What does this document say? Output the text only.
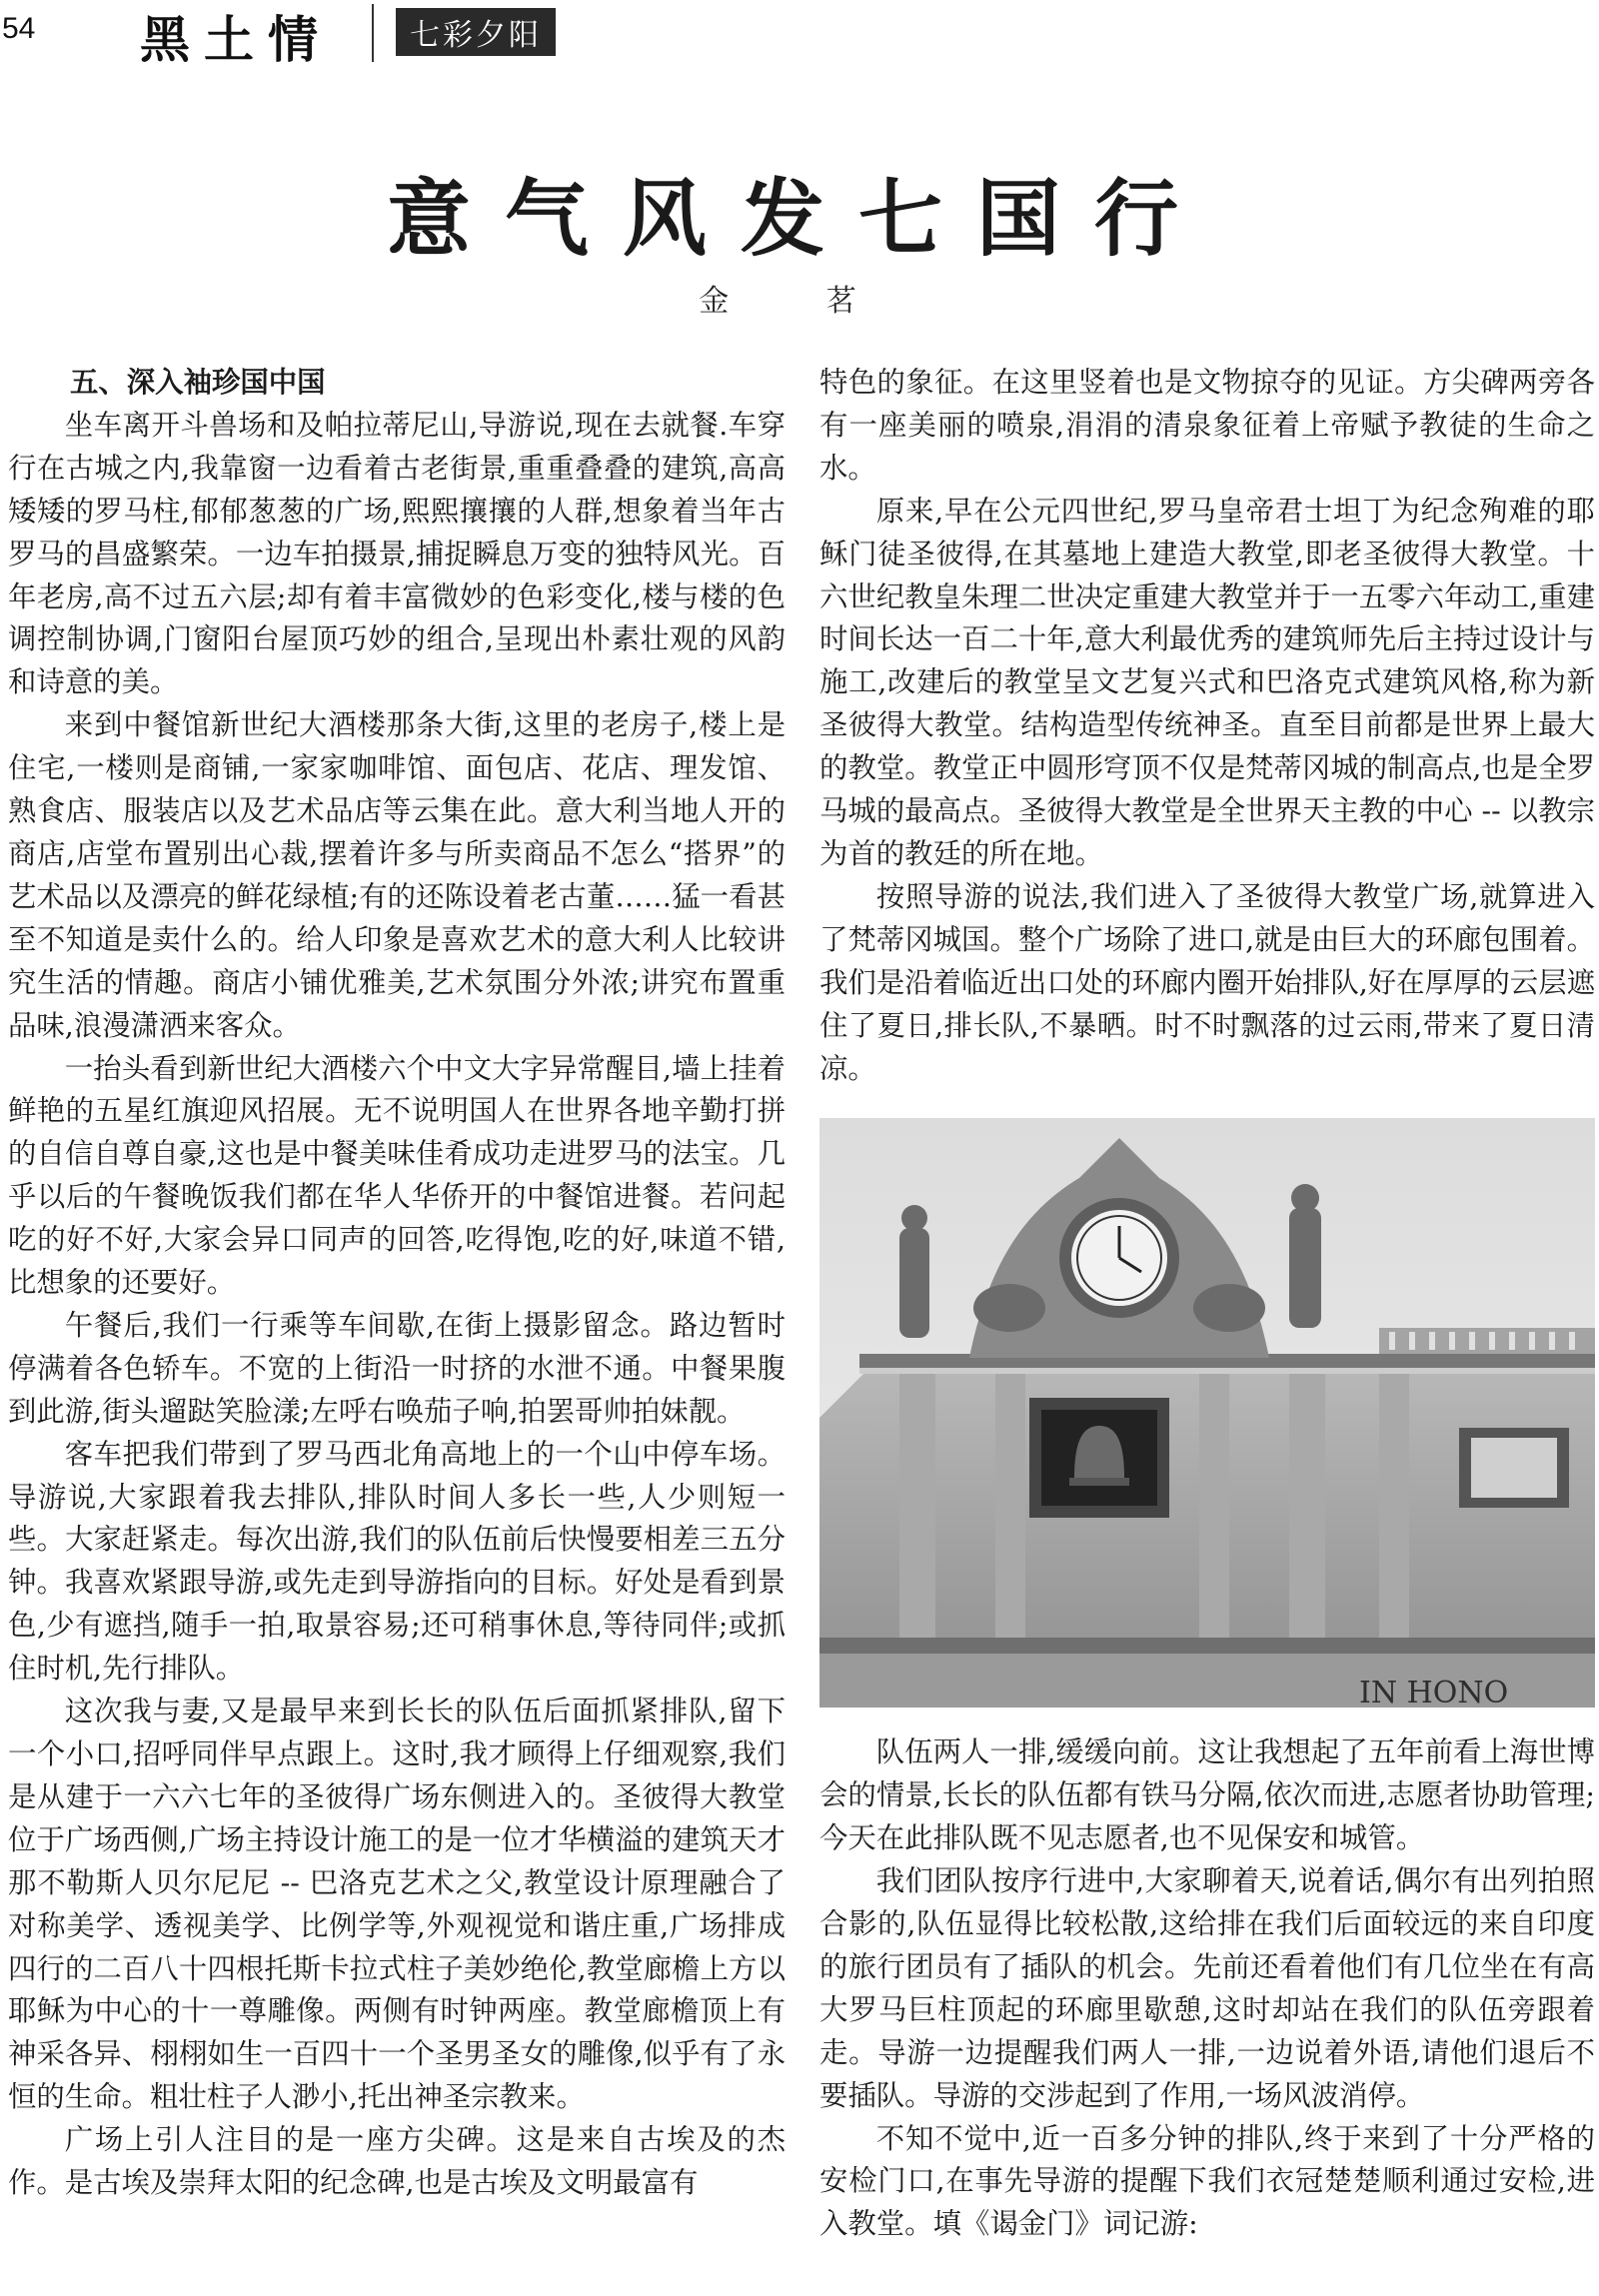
54 黑土情	七彩夕阳
意气风发七国行
金 茗
五、深入袖珍国中国

坐车离开斗兽场和及帕拉蒂尼山,导游说,现在去就餐.车穿行在古城之内,我靠窗一边看着古老街景,重重叠叠的建筑,高高矮矮的罗马柱,郁郁葱葱的广场,熙熙攘攘的人群,想象着当年古罗马的昌盛繁荣。一边车拍摄景,捕捉瞬息万变的独特风光。百年老房,高不过五六层;却有着丰富微妙的色彩变化,楼与楼的色调控制协调,门窗阳台屋顶巧妙的组合,呈现出朴素壮观的风韵和诗意的美。

来到中餐馆新世纪大酒楼那条大街,这里的老房子,楼上是住宅,一楼则是商铺,一家家咖啡馆、面包店、花店、理发馆、熟食店、服装店以及艺术品店等云集在此。意大利当地人开的商店,店堂布置别出心裁,摆着许多与所卖商品不怎么“搭界”的艺术品以及漂亮的鲜花绿植;有的还陈设着老古董……猛一看甚至不知道是卖什么的。给人印象是喜欢艺术的意大利人比较讲究生活的情趣。商店小铺优雅美,艺术氛围分外浓;讲究布置重品味,浪漫潇洒来客众。

一抬头看到新世纪大酒楼六个中文大字异常醒目,墙上挂着鲜艳的五星红旗迎风招展。无不说明国人在世界各地辛勤打拼的自信自尊自豪,这也是中餐美味佳肴成功走进罗马的法宝。几乎以后的午餐晚饭我们都在华人华侨开的中餐馆进餐。若问起吃的好不好,大家会异口同声的回答,吃得饱,吃的好,味道不错,比想象的还要好。

午餐后,我们一行乘等车间歇,在街上摄影留念。路边暂时停满着各色轿车。不宽的上街沿一时挤的水泄不通。中餐果腹到此游,街头遛跶笑脸漾;左呼右唤茄子响,拍罢哥帅拍妹靓。

客车把我们带到了罗马西北角高地上的一个山中停车场。导游说,大家跟着我去排队,排队时间人多长一些,人少则短一些。大家赶紧走。每次出游,我们的队伍前后快慢要相差三五分钟。我喜欢紧跟导游,或先走到导游指向的目标。好处是看到景色,少有遮挡,随手一拍,取景容易;还可稍事休息,等待同伴;或抓住时机,先行排队。

这次我与妻,又是最早来到长长的队伍后面抓紧排队,留下一个小口,招呼同伴早点跟上。这时,我才顾得上仔细观察,我们是从建于一六六七年的圣彼得广场东侧进入的。圣彼得大教堂位于广场西侧,广场主持设计施工的是一位才华横溢的建筑天才那不勒斯人贝尔尼尼 -- 巴洛克艺术之父,教堂设计原理融合了对称美学、透视美学、比例学等,外观视觉和谐庄重,广场排成四行的二百八十四根托斯卡拉式柱子美妙绝伦,教堂廊檐上方以耶稣为中心的十一尊雕像。两侧有时钟两座。教堂廊檐顶上有神采各异、栩栩如生一百四十一个圣男圣女的雕像,似乎有了永恒的生命。粗壮柱子人渺小,托出神圣宗教来。

广场上引人注目的是一座方尖碑。这是来自古埃及的杰作。是古埃及崇拜太阳的纪念碑,也是古埃及文明最富有

特色的象征。在这里竖着也是文物掠夺的见证。方尖碑两旁各有一座美丽的喷泉,涓涓的清泉象征着上帝赋予教徒的生命之水。

原来,早在公元四世纪,罗马皇帝君士坦丁为纪念殉难的耶稣门徒圣彼得,在其墓地上建造大教堂,即老圣彼得大教堂。十六世纪教皇朱理二世决定重建大教堂并于一五零六年动工,重建时间长达一百二十年,意大利最优秀的建筑师先后主持过设计与施工,改建后的教堂呈文艺复兴式和巴洛克式建筑风格,称为新圣彼得大教堂。结构造型传统神圣。直至目前都是世界上最大的教堂。教堂正中圆形穹顶不仅是梵蒂冈城的制高点,也是全罗马城的最高点。圣彼得大教堂是全世界天主教的中心 -- 以教宗为首的教廷的所在地。

按照导游的说法,我们进入了圣彼得大教堂广场,就算进入了梵蒂冈城国。整个广场除了进口,就是由巨大的环廊包围着。我们是沿着临近出口处的环廊内圈开始排队,好在厚厚的云层遮住了夏日,排长队,不暴晒。时不时飘落的过云雨,带来了夏日清凉。

IN HONO

队伍两人一排,缓缓向前。这让我想起了五年前看上海世博会的情景,长长的队伍都有铁马分隔,依次而进,志愿者协助管理;今天在此排队既不见志愿者,也不见保安和城管。

我们团队按序行进中,大家聊着天,说着话,偶尔有出列拍照合影的,队伍显得比较松散,这给排在我们后面较远的来自印度的旅行团员有了插队的机会。先前还看着他们有几位坐在有高大罗马巨柱顶起的环廊里歇憩,这时却站在我们的队伍旁跟着走。导游一边提醒我们两人一排,一边说着外语,请他们退后不要插队。导游的交涉起到了作用,一场风波消停。

不知不觉中,近一百多分钟的排队,终于来到了十分严格的安检门口,在事先导游的提醒下我们衣冠楚楚顺利通过安检,进入教堂。填《谒金门》词记游:
